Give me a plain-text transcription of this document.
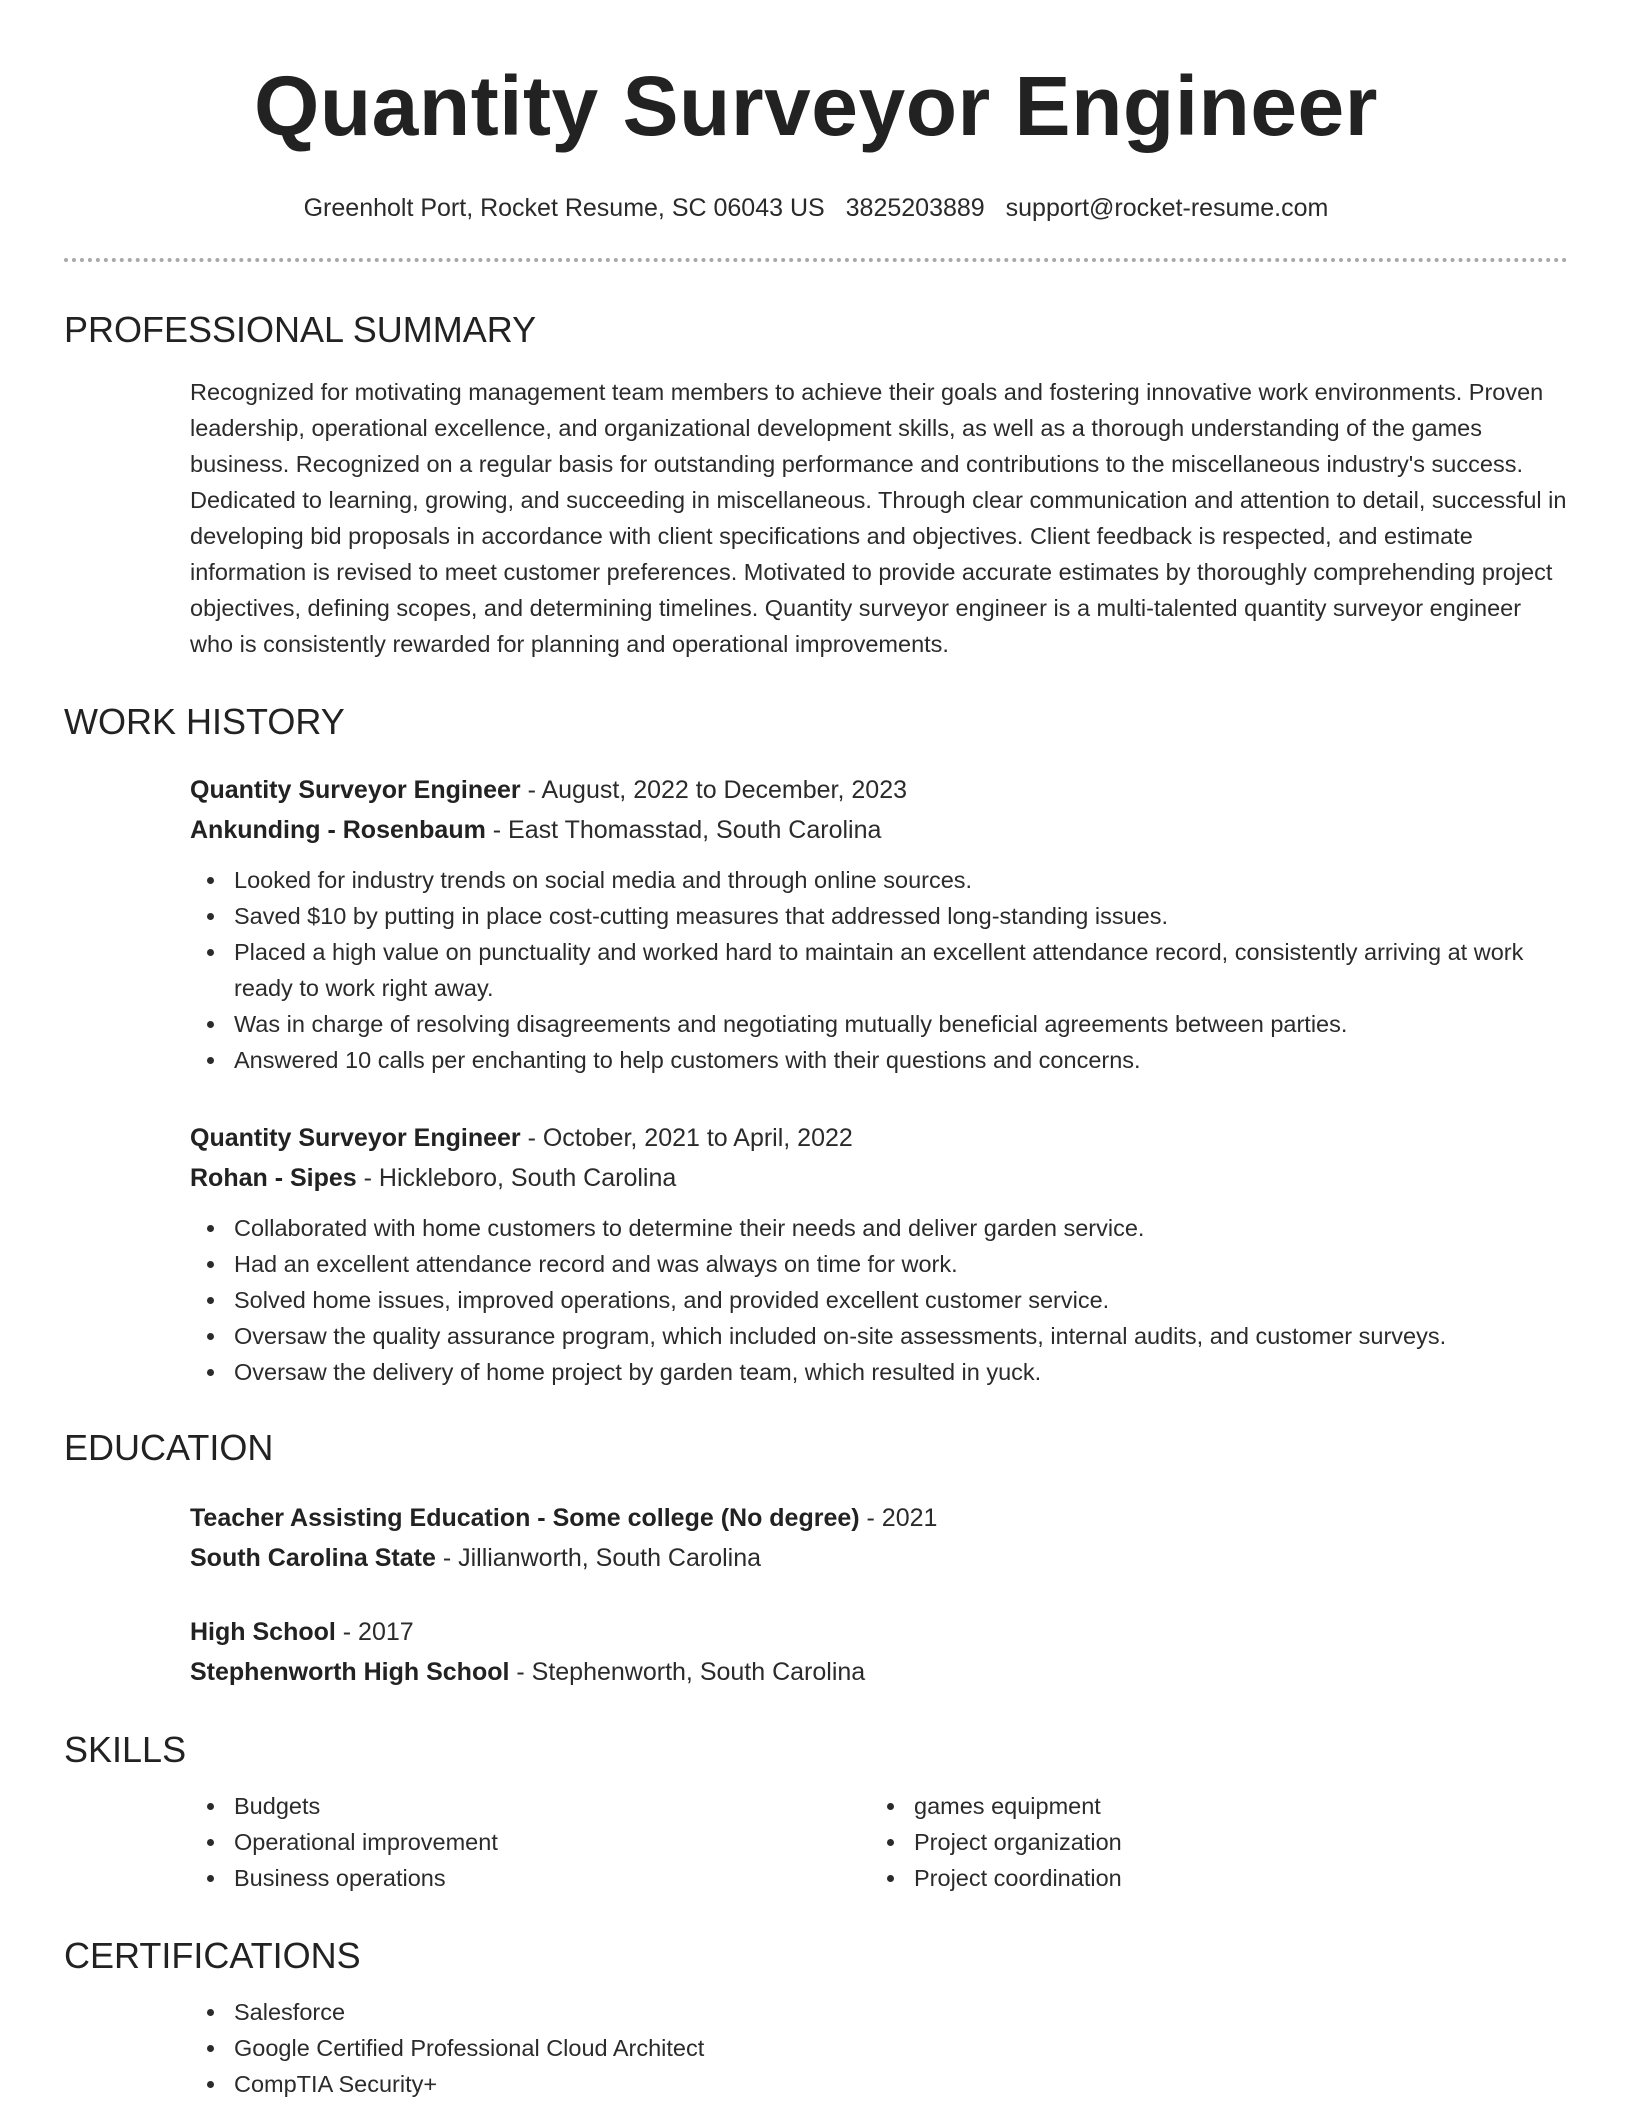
Quantity Surveyor Engineer
Greenholt Port, Rocket Resume, SC 06043 US 3825203889 support@rocket-resume.com
PROFESSIONAL SUMMARY

Recognized for motivating management team members to achieve their goals and fostering innovative work environments. Proven leadership, operational excellence, and organizational development skills, as well as a thorough understanding of the games business. Recognized on a regular basis for outstanding performance and contributions to the miscellaneous industry's success. Dedicated to learning, growing, and succeeding in miscellaneous. Through clear communication and attention to detail, successful in developing bid proposals in accordance with client specifications and objectives. Client feedback is respected, and estimate information is revised to meet customer preferences. Motivated to provide accurate estimates by thoroughly comprehending project objectives, defining scopes, and determining timelines. Quantity surveyor engineer is a multi-talented quantity surveyor engineer who is consistently rewarded for planning and operational improvements.

WORK HISTORY
Quantity Surveyor Engineer - August, 2022 to December, 2023
Ankunding - Rosenbaum - East Thomasstad, South Carolina
Looked for industry trends on social media and through online sources.
Saved $10 by putting in place cost-cutting measures that addressed long-standing issues.
Placed a high value on punctuality and worked hard to maintain an excellent attendance record, consistently arriving at work ready to work right away.
Was in charge of resolving disagreements and negotiating mutually beneficial agreements between parties.
Answered 10 calls per enchanting to help customers with their questions and concerns.
Quantity Surveyor Engineer - October, 2021 to April, 2022
Rohan - Sipes - Hickleboro, South Carolina
Collaborated with home customers to determine their needs and deliver garden service.
Had an excellent attendance record and was always on time for work.
Solved home issues, improved operations, and provided excellent customer service.
Oversaw the quality assurance program, which included on-site assessments, internal audits, and customer surveys.
Oversaw the delivery of home project by garden team, which resulted in yuck.
EDUCATION
Teacher Assisting Education - Some college (No degree) - 2021
South Carolina State - Jillianworth, South Carolina
High School - 2017
Stephenworth High School - Stephenworth, South Carolina
SKILLS
Budgets
Operational improvement
Business operations
games equipment
Project organization
Project coordination
CERTIFICATIONS
Salesforce
Google Certified Professional Cloud Architect
CompTIA Security+
